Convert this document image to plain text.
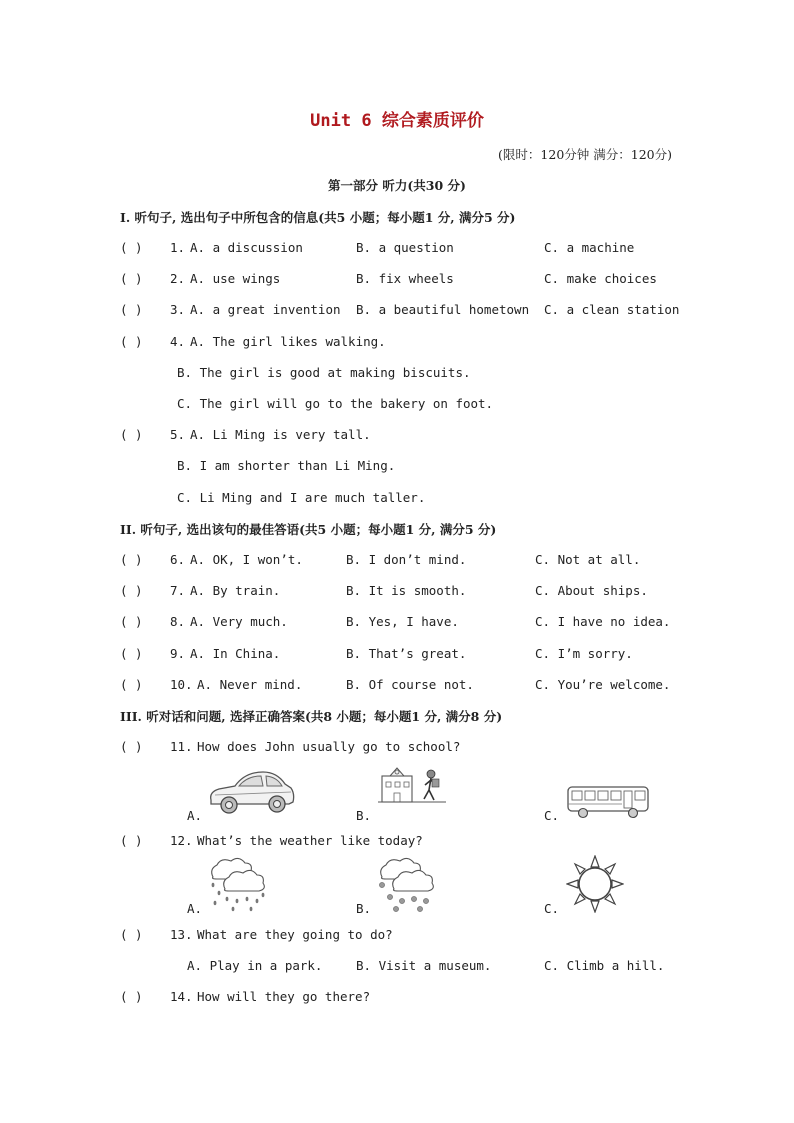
Unit 6 综合素质评价
(限时：120分钟 满分：120分)
第一部分 听力(共30 分)
I. 听句子, 选出句子中所包含的信息(共5 小题；每小题1 分, 满分5 分)
( ) 1. A. a discussion	B. a question	C. a machine
( ) 2. A. use wings	B. fix wheels	C. make choices
( ) 3. A. a great invention B. a beautiful hometown C. a clean station
( ) 4. A. The girl likes walking.
B. The girl is good at making biscuits.
C. The girl will go to the bakery on foot.
( ) 5. A. Li Ming is very tall.
B. I am shorter than Li Ming.
C. Li Ming and I are much taller.
II. 听句子, 选出该句的最佳答语(共5 小题；每小题1 分, 满分5 分)
( ) 6. A. OK, I won’t.	B. I don’t mind.	C. Not at all.
( ) 7. A. By train.	B. It is smooth.	C. About ships.
( ) 8. A. Very much.	B. Yes, I have.	C. I have no idea.
( ) 9. A. In China.	B. That’s great.	C. I’m sorry.
( ) 10. A. Never mind.	B. Of course not.	C. You’re welcome.
III. 听对话和问题, 选择正确答案(共8 小题；每小题1 分, 满分8 分)
( ) 11. How does John usually go to school?
A.	B.	C.
( ) 12. What’s the weather like today?
A.	B.	C.
( ) 13. What are they going to do?
A. Play in a park.	B. Visit a museum.	C. Climb a hill.
( ) 14. How will they go there?
